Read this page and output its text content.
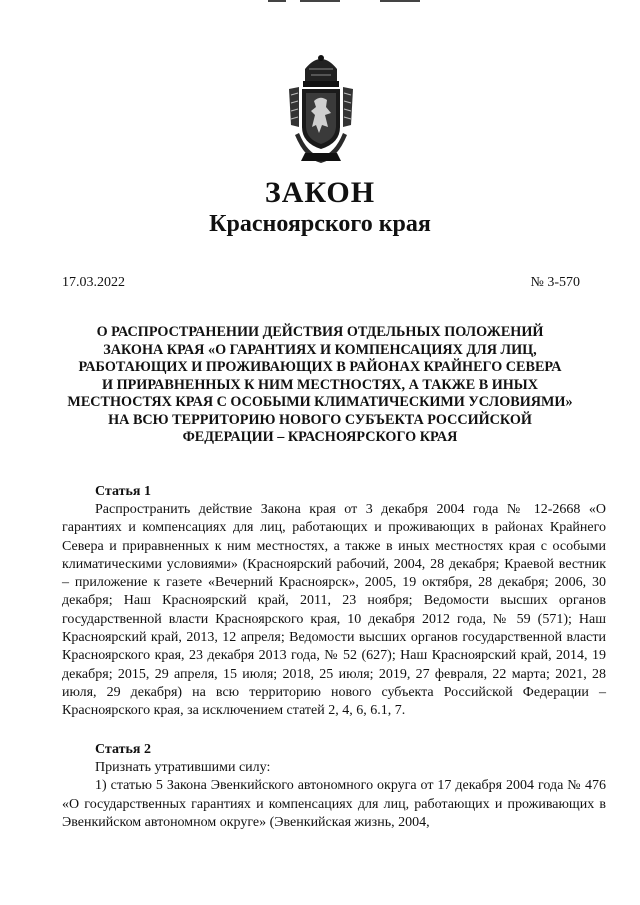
ЗАКОН
Красноярского края
17.03.2022	№ 3-570
О РАСПРОСТРАНЕНИИ ДЕЙСТВИЯ ОТДЕЛЬНЫХ ПОЛОЖЕНИЙ
ЗАКОНА КРАЯ «О ГАРАНТИЯХ И КОМПЕНСАЦИЯХ ДЛЯ ЛИЦ,
РАБОТАЮЩИХ И ПРОЖИВАЮЩИХ В РАЙОНАХ КРАЙНЕГО СЕВЕРА
И ПРИРАВНЕННЫХ К НИМ МЕСТНОСТЯХ, А ТАКЖЕ В ИНЫХ
МЕСТНОСТЯХ КРАЯ С ОСОБЫМИ КЛИМАТИЧЕСКИМИ УСЛОВИЯМИ»
НА ВСЮ ТЕРРИТОРИЮ НОВОГО СУБЪЕКТА РОССИЙСКОЙ
ФЕДЕРАЦИИ – КРАСНОЯРСКОГО КРАЯ
Статья 1
Распространить действие Закона края от 3 декабря 2004 года № 12-2668 «О гарантиях и компенсациях для лиц, работающих и проживающих в районах Крайнего Севера и приравненных к ним местностях, а также в иных местностях края с особыми климатическими условиями» (Красноярский рабочий, 2004, 28 декабря; Краевой вестник – приложение к газете «Вечерний Красноярск», 2005, 19 октября, 28 декабря; 2006, 30 декабря; Наш Красноярский край, 2011, 23 ноября; Ведомости высших органов государственной власти Красноярского края, 10 декабря 2012 года, № 59 (571); Наш Красноярский край, 2013, 12 апреля; Ведомости высших органов государственной власти Красноярского края, 23 декабря 2013 года, № 52 (627); Наш Красноярский край, 2014, 19 декабря; 2015, 29 апреля, 15 июля; 2018, 25 июля; 2019, 27 февраля, 22 марта; 2021, 28 июля, 29 декабря) на всю территорию нового субъекта Российской Федерации – Красноярского края, за исключением статей 2, 4, 6, 6.1, 7.
Статья 2
Признать утратившими силу:
1) статью 5 Закона Эвенкийского автономного округа от 17 декабря 2004 года № 476 «О государственных гарантиях и компенсациях для лиц, работающих и проживающих в Эвенкийском автономном округе» (Эвенкийская жизнь, 2004,
